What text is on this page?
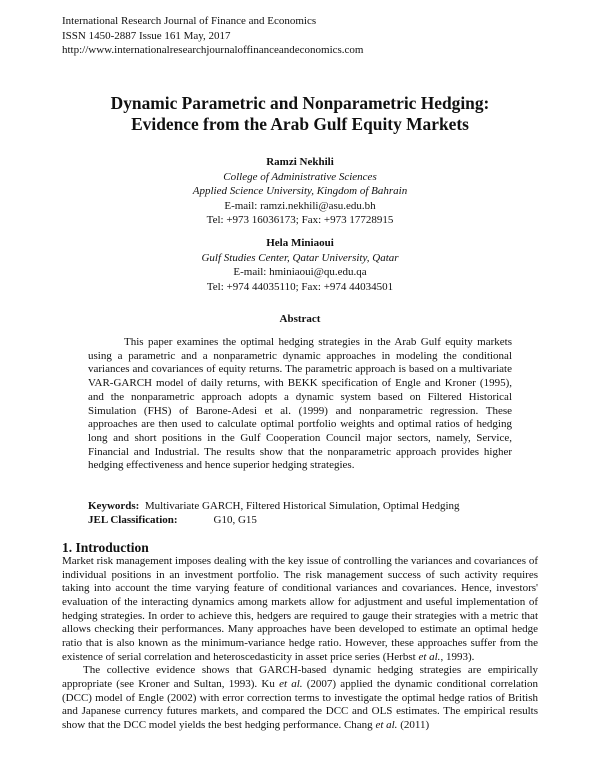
International Research Journal of Finance and Economics
ISSN 1450-2887 Issue 161 May, 2017
http://www.internationalresearchjournaloffinanceandeconomics.com
Dynamic Parametric and Nonparametric Hedging:
Evidence from the Arab Gulf Equity Markets
Ramzi Nekhili
College of Administrative Sciences
Applied Science University, Kingdom of Bahrain
E-mail: ramzi.nekhili@asu.edu.bh
Tel: +973 16036173; Fax: +973 17728915
Hela Miniaoui
Gulf Studies Center, Qatar University, Qatar
E-mail: hminiaoui@qu.edu.qa
Tel: +974 44035110; Fax: +974 44034501
Abstract

This paper examines the optimal hedging strategies in the Arab Gulf equity markets using a parametric and a nonparametric dynamic approaches in modeling the conditional variances and covariances of equity returns. The parametric approach is based on a multivariate VAR-GARCH model of daily returns, with BEKK specification of Engle and Kroner (1995), and the nonparametric approach adopts a dynamic system based on Filtered Historical Simulation (FHS) of Barone-Adesi et al. (1999) and nonparametric regression. These approaches are then used to calculate optimal portfolio weights and optimal ratios of hedging long and short positions in the Gulf Cooperation Council major sectors, namely, Service, Financial and Industrial. The results show that the nonparametric approach provides higher hedging effectiveness and hence superior hedging strategies.

Keywords: Multivariate GARCH, Filtered Historical Simulation, Optimal Hedging
JEL Classification:	G10, G15
1. Introduction

Market risk management imposes dealing with the key issue of controlling the variances and covariances of individual positions in an investment portfolio. The risk management success of such activity requires taking into account the time varying feature of conditional variances and covariances. Hence, investors' evaluation of the interacting dynamics among markets allow for adjustment and useful implementation of hedging strategies. In order to achieve this, hedgers are required to gauge their strategies with a metric that allows checking their performances. Many approaches have been developed to estimate an optimal hedge ratio that is also known as the minimum-variance hedge ratio. However, these approaches suffer from the existence of serial correlation and heteroscedasticity in asset price series (Herbst et al., 1993).

The collective evidence shows that GARCH-based dynamic hedging strategies are empirically appropriate (see Kroner and Sultan, 1993). Ku et al. (2007) applied the dynamic conditional correlation (DCC) model of Engle (2002) with error correction terms to investigate the optimal hedge ratios of British and Japanese currency futures markets, and compared the DCC and OLS estimates. The empirical results show that the DCC model yields the best hedging performance. Chang et al. (2011)
